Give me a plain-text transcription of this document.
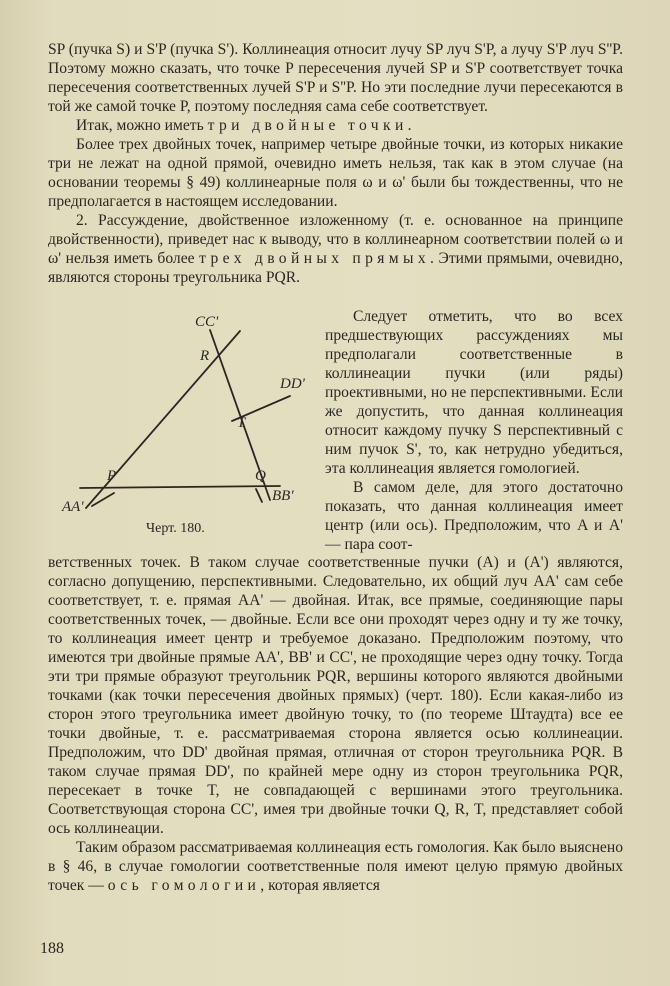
SP (пучка S) и S'P (пучка S'). Коллинеация относит лучу SP луч S'P, а лучу S'P луч S''P. Поэтому можно сказать, что точке P пересечения лучей SP и S'P соответствует точка пересечения соответственных лучей S'P и S''P. Но эти последние лучи пересекаются в той же самой точке P, поэтому последняя сама себе соответствует.

Итак, можно иметь три двойные точки.

Более трех двойных точек, например четыре двойные точки, из которых никакие три не лежат на одной прямой, очевидно иметь нельзя, так как в этом случае (на основании теоремы § 49) коллинеарные поля ω и ω' были бы тождественны, что не предполагается в настоящем исследовании.

2. Рассуждение, двойственное изложенному (т. е. основанное на принципе двойственности), приведет нас к выводу, что в коллинеарном соответствии полей ω и ω' нельзя иметь более трех двойных прямых. Этими прямыми, очевидно, являются стороны треугольника PQR.

CC'
R
T
DD'
P	Q
AA'
BB'
Черт. 180.

Следует отметить, что во всех предшествующих рассуждениях мы предполагали соответственные в коллинеации пучки (или ряды) проективными, но не перспективными. Если же допустить, что данная коллинеация относит каждому пучку S перспективный с ним пучок S', то, как нетрудно убедиться, эта коллинеация является гомологией.

В самом деле, для этого достаточно показать, что данная коллинеация имеет центр (или ось). Предположим, что A и A' — пара соот-

ветственных точек. В таком случае соответственные пучки (A) и (A') являются, согласно допущению, перспективными. Следовательно, их общий луч AA' сам себе соответствует, т. е. прямая AA' — двойная. Итак, все прямые, соединяющие пары соответственных точек, — двойные. Если все они проходят через одну и ту же точку, то коллинеация имеет центр и требуемое доказано. Предположим поэтому, что имеются три двойные прямые AA', BB' и CC', не проходящие через одну точку. Тогда эти три прямые образуют треугольник PQR, вершины которого являются двойными точками (как точки пересечения двойных прямых) (черт. 180). Если какая-либо из сторон этого треугольника имеет двойную точку, то (по теореме Штаудта) все ее точки двойные, т. е. рассматриваемая сторона является осью коллинеации. Предположим, что DD' двойная прямая, отличная от сторон треугольника PQR. В таком случае прямая DD', по крайней мере одну из сторон треугольника PQR, пересекает в точке T, не совпадающей с вершинами этого треугольника. Соответствующая сторона CC', имея три двойные точки Q, R, T, представляет собой ось коллинеации.

Таким образом рассматриваемая коллинеация есть гомология. Как было выяснено в § 46, в случае гомологии соответственные поля имеют целую прямую двойных точек — ось гомологии, которая является

188
